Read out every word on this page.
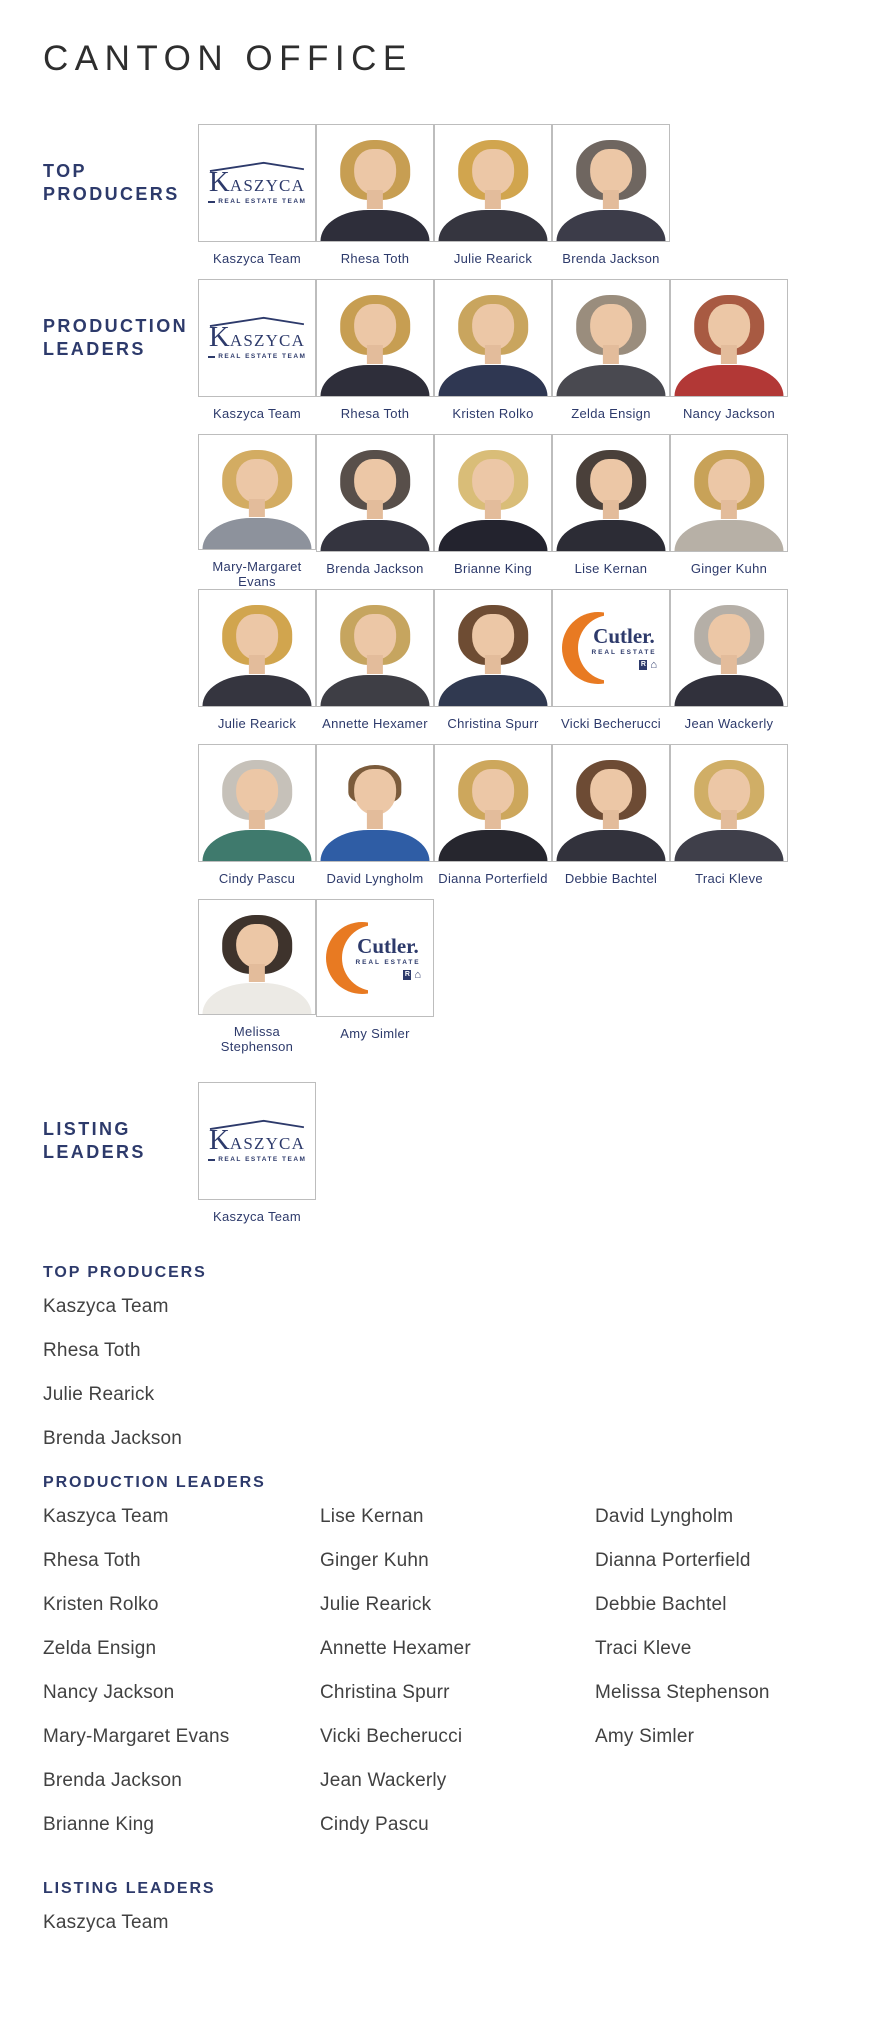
CANTON OFFICE
TOP
PRODUCERS	KASZYCA
REAL ESTATE TEAM
Kaszyca Team	Rhesa Toth	Julie Rearick	Brenda Jackson
PRODUCTION
LEADERS	KASZYCA
REAL ESTATE TEAM
Kaszyca Team	Rhesa Toth	Kristen Rolko	Zelda Ensign	Nancy Jackson
Mary-Margaret Evans
Brenda Jackson	Brianne King	Lise Kernan	Ginger Kuhn
Julie Rearick	Annette Hexamer	Christina Spurr
Cutler.
REAL ESTATE
R ⌂
Vicki Becherucci	Jean Wackerly
Cindy Pascu	David Lyngholm	Dianna Porterfield	Debbie Bachtel	Traci Kleve
Melissa Stephenson
Cutler.
REAL ESTATE
R ⌂
Amy Simler
LISTING
LEADERS	KASZYCA
REAL ESTATE TEAM
Kaszyca Team
TOP PRODUCERS

Kaszyca Team

Rhesa Toth

Julie Rearick

Brenda Jackson

PRODUCTION LEADERS

Kaszyca Team

Rhesa Toth

Kristen Rolko

Zelda Ensign

Nancy Jackson

Mary-Margaret Evans

Brenda Jackson

Brianne King

Lise Kernan

Ginger Kuhn

Julie Rearick

Annette Hexamer

Christina Spurr

Vicki Becherucci

Jean Wackerly

Cindy Pascu

David Lyngholm

Dianna Porterfield

Debbie Bachtel

Traci Kleve

Melissa Stephenson

Amy Simler

LISTING LEADERS

Kaszyca Team
